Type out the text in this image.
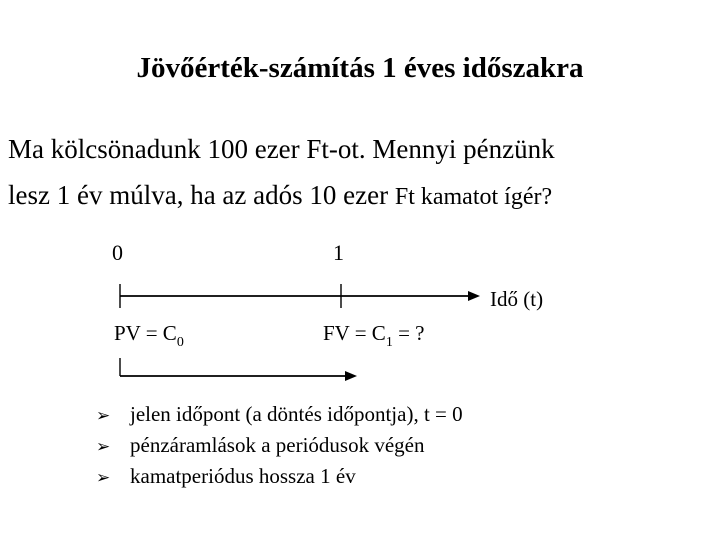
Jövőérték-számítás 1 éves időszakra
Ma kölcsönadunk 100 ezer Ft-ot. Mennyi pénzünk
lesz 1 év múlva, ha az adós 10 ezer Ft kamatot ígér?
0	1
Idő (t)
PV = $C_0$	FV = $C_1$ = ?
➢ jelen időpont (a döntés időpontja), t = 0
➢ pénzáramlások a periódusok végén
➢ kamatperiódus hossza 1 év
